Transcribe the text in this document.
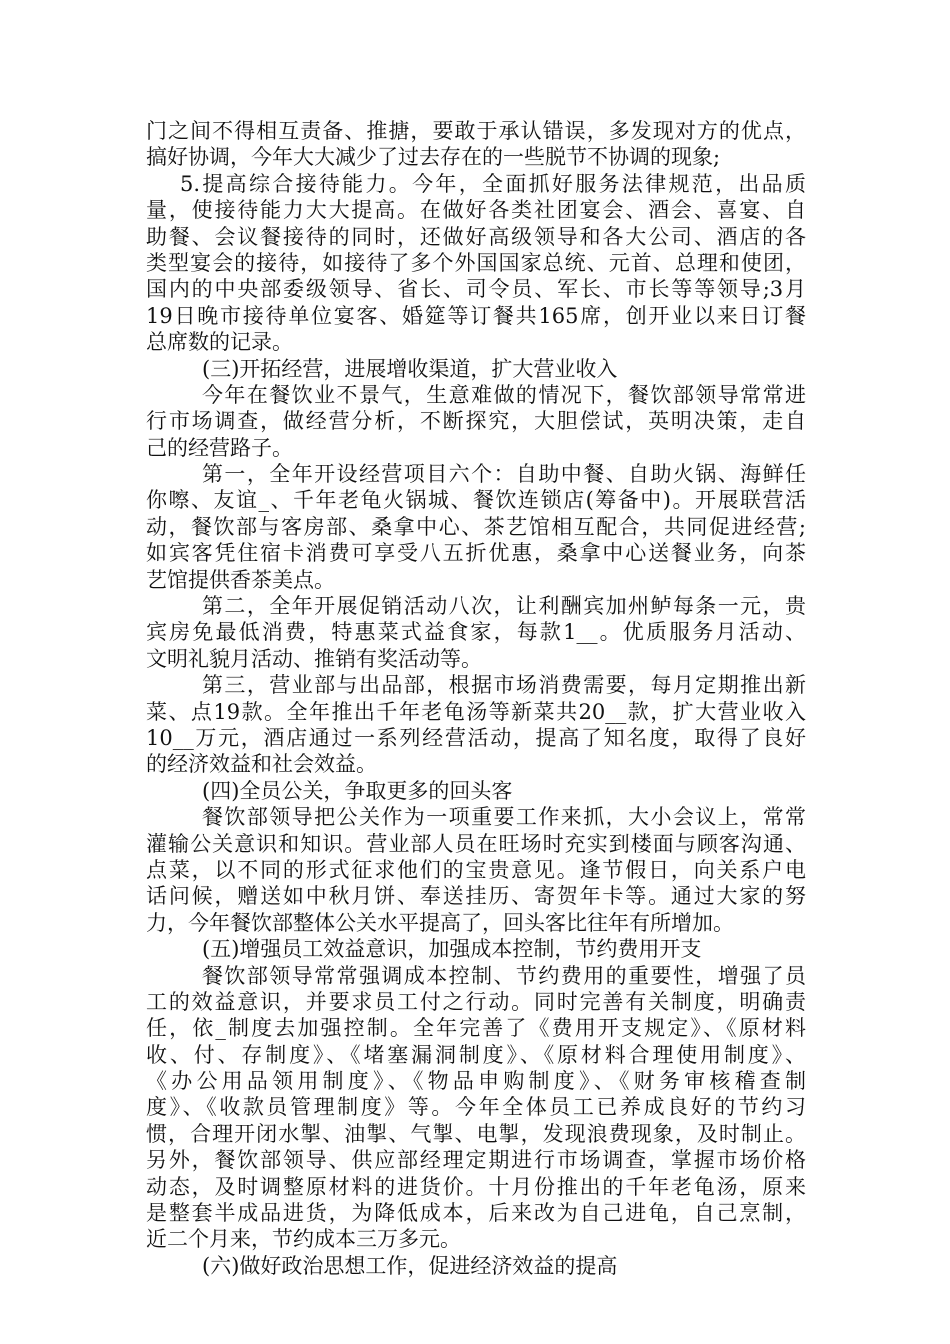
门之间不得相互责备、推搪，要敢于承认错误，多发现对方的优点，
搞好协调，今年大大减少了过去存在的一些脱节不协调的现象;
5.提高综合接待能力。今年，全面抓好服务法律规范，出品质
量，使接待能力大大提高。在做好各类社团宴会、酒会、喜宴、自
助餐、会议餐接待的同时，还做好高级领导和各大公司、酒店的各
类型宴会的接待，如接待了多个外国国家总统、元首、总理和使团，
国内的中央部委级领导、省长、司令员、军长、市长等等领导;3月
19日晚市接待单位宴客、婚筵等订餐共165席，创开业以来日订餐
总席数的记录。
(三)开拓经营，进展增收渠道，扩大营业收入
今年在餐饮业不景气，生意难做的情况下，餐饮部领导常常进
行市场调查，做经营分析，不断探究，大胆偿试，英明决策，走自
己的经营路子。
第一，全年开设经营项目六个：自助中餐、自助火锅、海鲜任
你嚓、友谊_、千年老龟火锅城、餐饮连锁店(筹备中)。开展联营活
动，餐饮部与客房部、桑拿中心、茶艺馆相互配合，共同促进经营;
如宾客凭住宿卡消费可享受八五折优惠，桑拿中心送餐业务，向茶
艺馆提供香茶美点。
第二，全年开展促销活动八次，让利酬宾加州鲈每条一元，贵
宾房免最低消费，特惠菜式益食家，每款1__。优质服务月活动、
文明礼貌月活动、推销有奖活动等。
第三，营业部与出品部，根据市场消费需要，每月定期推出新
菜、点19款。全年推出千年老龟汤等新菜共20__款，扩大营业收入
10__万元，酒店通过一系列经营活动，提高了知名度，取得了良好
的经济效益和社会效益。
(四)全员公关，争取更多的回头客
餐饮部领导把公关作为一项重要工作来抓，大小会议上，常常
灌输公关意识和知识。营业部人员在旺场时充实到楼面与顾客沟通、
点菜，以不同的形式征求他们的宝贵意见。逢节假日，向关系户电
话问候，赠送如中秋月饼、奉送挂历、寄贺年卡等。通过大家的努
力，今年餐饮部整体公关水平提高了，回头客比往年有所增加。
(五)增强员工效益意识，加强成本控制，节约费用开支
餐饮部领导常常强调成本控制、节约费用的重要性，增强了员
工的效益意识，并要求员工付之行动。同时完善有关制度，明确责
任，依_制度去加强控制。全年完善了《费用开支规定》、《原材料
收、付、存制度》、《堵塞漏洞制度》、《原材料合理使用制度》、
《办公用品领用制度》、《物品申购制度》、《财务审核稽查制
度》、《收款员管理制度》等。今年全体员工已养成良好的节约习
惯，合理开闭水掣、油掣、气掣、电掣，发现浪费现象，及时制止。
另外，餐饮部领导、供应部经理定期进行市场调查，掌握市场价格
动态，及时调整原材料的进货价。十月份推出的千年老龟汤，原来
是整套半成品进货，为降低成本，后来改为自己进龟，自己烹制，
近二个月来，节约成本三万多元。
(六)做好政治思想工作，促进经济效益的提高
